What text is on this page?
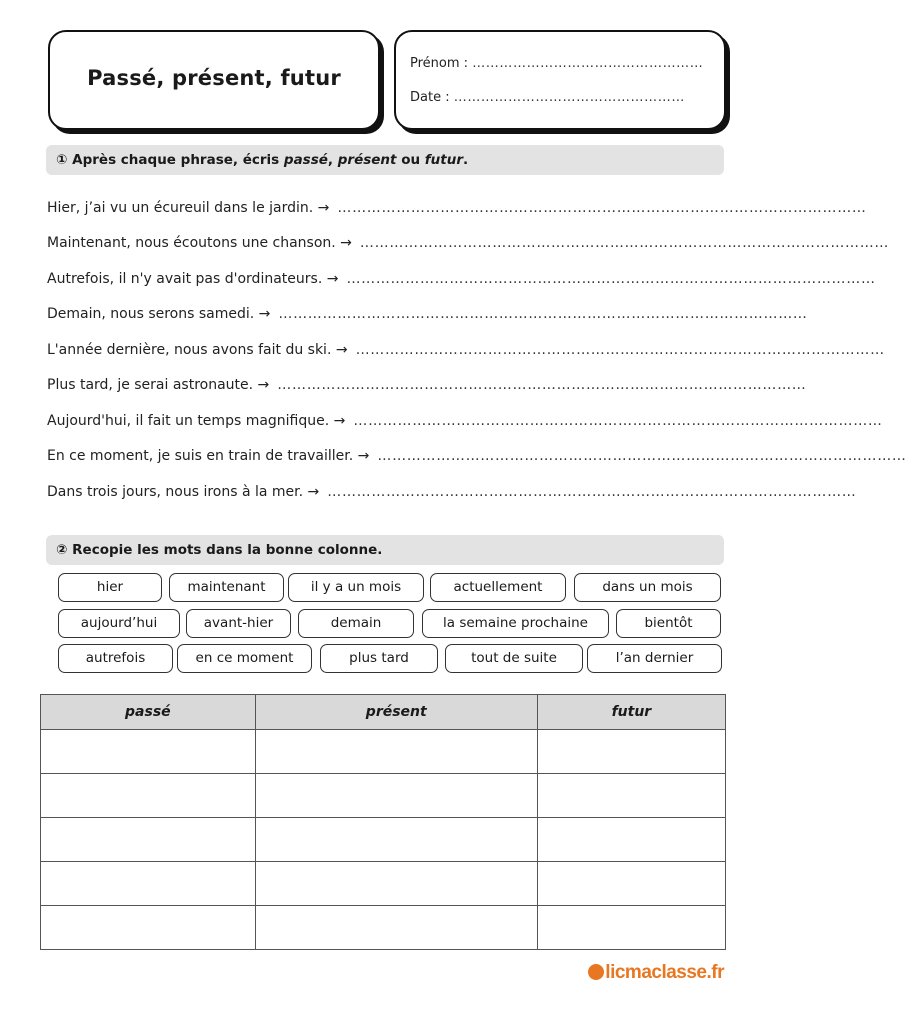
Passé, présent, futur
Prénom : ……………………………………………
Date : ……………………………………………
① Après chaque phrase, écris passé, présent ou futur.
Hier, j’ai vu un écureuil dans le jardin. → ………………………………………………………………………………………………
Maintenant, nous écoutons une chanson. → ………………………………………………………………………………………………
Autrefois, il n'y avait pas d'ordinateurs. → ………………………………………………………………………………………………
Demain, nous serons samedi. → ………………………………………………………………………………………………
L'année dernière, nous avons fait du ski. → ………………………………………………………………………………………………
Plus tard, je serai astronaute. → ………………………………………………………………………………………………
Aujourd'hui, il fait un temps magnifique. → ………………………………………………………………………………………………
En ce moment, je suis en train de travailler. → ………………………………………………………………………………………………
Dans trois jours, nous irons à la mer. → ………………………………………………………………………………………………
② Recopie les mots dans la bonne colonne.
hier	maintenant	il y a un mois	actuellement	dans un mois
aujourd’hui	avant-hier	demain	la semaine prochaine	bientôt
autrefois	en ce moment	plus tard	tout de suite	l’an dernier
passé	présent	futur

licmaclasse.fr
